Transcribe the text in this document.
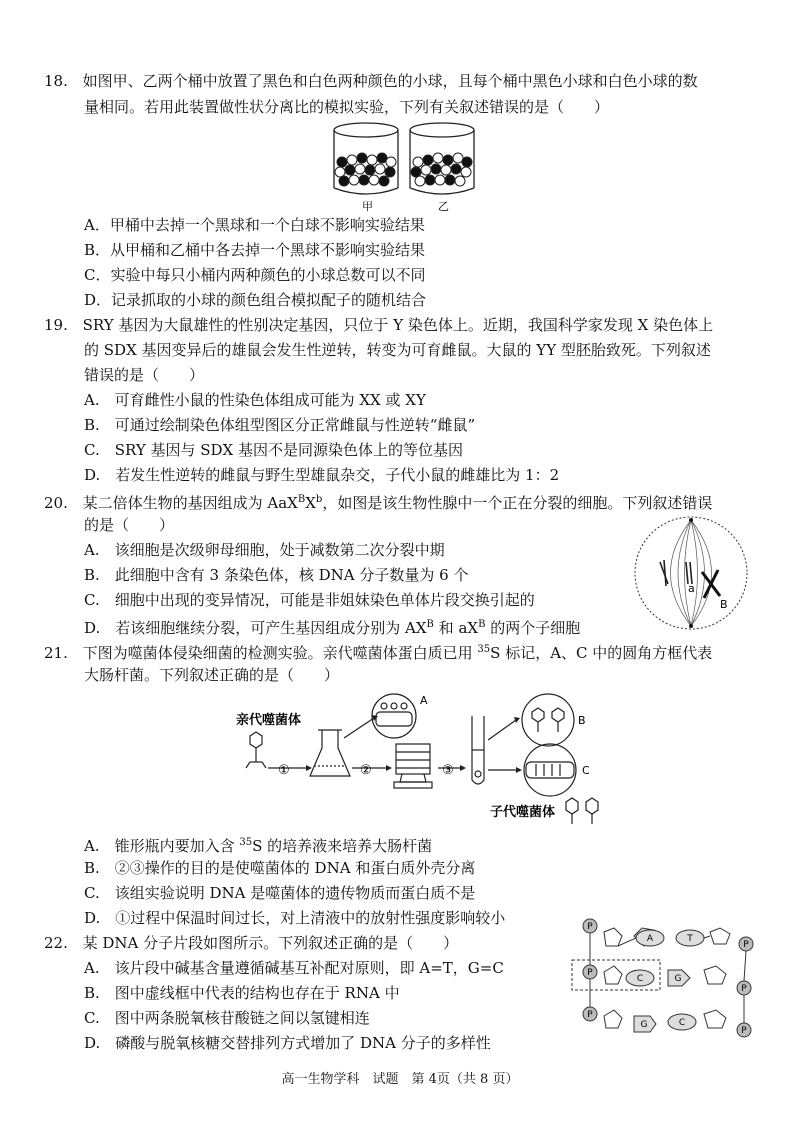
18. 如图甲、乙两个桶中放置了黑色和白色两种颜色的小球，且每个桶中黑色小球和白色小球的数
量相同。若用此装置做性状分离比的模拟实验，下列有关叙述错误的是（　　）
甲	乙
A．甲桶中去掉一个黑球和一个白球不影响实验结果
B．从甲桶和乙桶中各去掉一个黑球不影响实验结果
C．实验中每只小桶内两种颜色的小球总数可以不同
D．记录抓取的小球的颜色组合模拟配子的随机结合
19. SRY 基因为大鼠雄性的性别决定基因，只位于 Y 染色体上。近期，我国科学家发现 X 染色体上
的 SDX 基因变异后的雄鼠会发生性逆转，转变为可育雌鼠。大鼠的 YY 型胚胎致死。下列叙述
错误的是（　　）
A.　可育雌性小鼠的性染色体组成可能为 XX 或 XY
B.　可通过绘制染色体组型图区分正常雌鼠与性逆转“雌鼠”
C.　SRY 基因与 SDX 基因不是同源染色体上的等位基因
D.　若发生性逆转的雌鼠与野生型雄鼠杂交，子代小鼠的雌雄比为 1：2
20. 某二倍体生物的基因组成为 $AaX^BX^b$，如图是该生物性腺中一个正在分裂的细胞。下列叙述错误
的是（　　）
A.　该细胞是次级卵母细胞，处于减数第二次分裂中期
B.　此细胞中含有 3 条染色体，核 DNA 分子数量为 6 个
C.　细胞中出现的变异情况，可能是非姐妹染色单体片段交换引起的
D.　若该细胞继续分裂，可产生基因组成分别为 $AX^B$ 和 $aX^B$ 的两个子细胞
a
B
21. 下图为噬菌体侵染细菌的检测实验。亲代噬菌体蛋白质已用 $^{35}$S 标记，A、C 中的圆角方框代表
大肠杆菌。下列叙述正确的是（　　）
亲代噬菌体
①
A
②	③
B
C
子代噬菌体
A.　锥形瓶内要加入含 $^{35}$S 的培养液来培养大肠杆菌
B.　②③操作的目的是使噬菌体的 DNA 和蛋白质外壳分离
C.　该组实验说明 DNA 是噬菌体的遗传物质而蛋白质不是
D.　①过程中保温时间过长，对上清液中的放射性强度影响较小
22. 某 DNA 分子片段如图所示。下列叙述正确的是（　　）
A.　该片段中碱基含量遵循碱基互补配对原则，即 A=T，G=C
B.　图中虚线框中代表的结构也存在于 RNA 中
C.　图中两条脱氧核苷酸链之间以氢键相连
D.　磷酸与脱氧核糖交替排列方式增加了 DNA 分子的多样性
P
A	T
P
P
C	G
P
P
G	C
P
高一生物学科　试题　第 4页（共 8 页）
